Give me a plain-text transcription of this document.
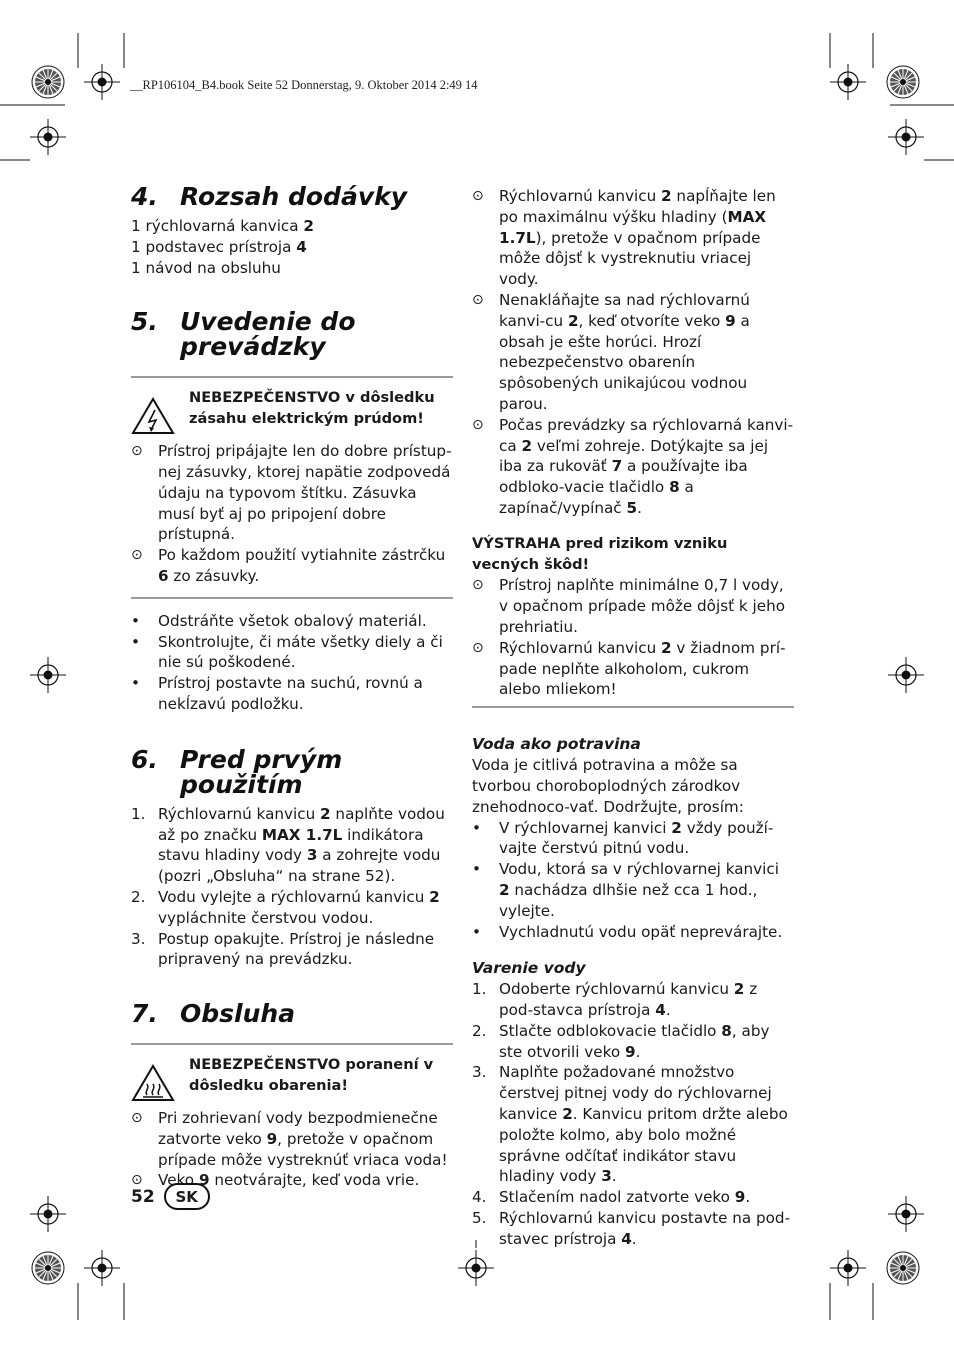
__RP106104_B4.book Seite 52 Donnerstag, 9. Oktober 2014 2:49 14
4. Rozsah dodávky
1 rýchlovarná kanvica 2
1 podstavec prístroja 4
1 návod na obsluhu
5. Uvedenie do
prevádzky
NEBEZPEČENSTVO v dôsledku zásahu elektrickým prúdom!
⊙	Prístroj pripájajte len do dobre prístup-nej zásuvky, ktorej napätie zodpovedá údaju na typovom štítku. Zásuvka musí byť aj po pripojení dobre prístupná.
⊙	Po každom použití vytiahnite zástrčku 6 zo zásuvky.
•	Odstráňte všetok obalový materiál.
•	Skontrolujte, či máte všetky diely a či nie sú poškodené.
•	Prístroj postavte na suchú, rovnú a nekĺzavú podložku.
6. Pred prvým použitím
1. Rýchlovarnú kanvicu 2 naplňte vodou až po značku MAX 1.7L indikátora stavu hladiny vody 3 a zohrejte vodu (pozri „Obsluha“ na strane 52).
2. Vodu vylejte a rýchlovarnú kanvicu 2 vypláchnite čerstvou vodou.
3. Postup opakujte. Prístroj je následne pripravený na prevádzku.
7. Obsluha
NEBEZPEČENSTVO poranení v dôsledku obarenia!
⊙	Pri zohrievaní vody bezpodmienečne zatvorte veko 9, pretože v opačnom prípade môže vystreknúť vriaca voda!
⊙	Veko 9 neotvárajte, keď voda vrie.
⊙	Rýchlovarnú kanvicu 2 napĺňajte len po maximálnu výšku hladiny (MAX 1.7L), pretože v opačnom prípade môže dôjsť k vystreknutiu vriacej vody.
⊙	Nenakláňajte sa nad rýchlovarnú kanvi-cu 2, keď otvoríte veko 9 a obsah je ešte horúci. Hrozí nebezpečenstvo obarenín spôsobených unikajúcou vodnou parou.
⊙	Počas prevádzky sa rýchlovarná kanvi-ca 2 veľmi zohreje. Dotýkajte sa jej iba za rukoväť 7 a používajte iba odbloko-vacie tlačidlo 8 a zapínač/vypínač 5.
VÝSTRAHA pred rizikom vzniku vecných škôd!
⊙	Prístroj naplňte minimálne 0,7 l vody, v opačnom prípade môže dôjsť k jeho prehriatiu.
⊙	Rýchlovarnú kanvicu 2 v žiadnom prí-pade neplňte alkoholom, cukrom alebo mliekom!
Voda ako potravina

Voda je citlivá potravina a môže sa tvorbou choroboplodných zárodkov znehodnoco-vať. Dodržujte, prosím:

•	V rýchlovarnej kanvici 2 vždy použí-vajte čerstvú pitnú vodu.
•	Vodu, ktorá sa v rýchlovarnej kanvici 2 nachádza dlhšie než cca 1 hod., vylejte.
•	Vychladnutú vodu opäť neprevárajte.
Varenie vody
1. Odoberte rýchlovarnú kanvicu 2 z pod-stavca prístroja 4.
2. Stlačte odblokovacie tlačidlo 8, aby ste otvorili veko 9.
3. Naplňte požadované množstvo čerstvej pitnej vody do rýchlovarnej kanvice 2. Kanvicu pritom držte alebo položte kolmo, aby bolo možné správne odčítať indikátor stavu hladiny vody 3.
4. Stlačením nadol zatvorte veko 9.
5. Rýchlovarnú kanvicu postavte na pod-stavec prístroja 4.
52	SK
